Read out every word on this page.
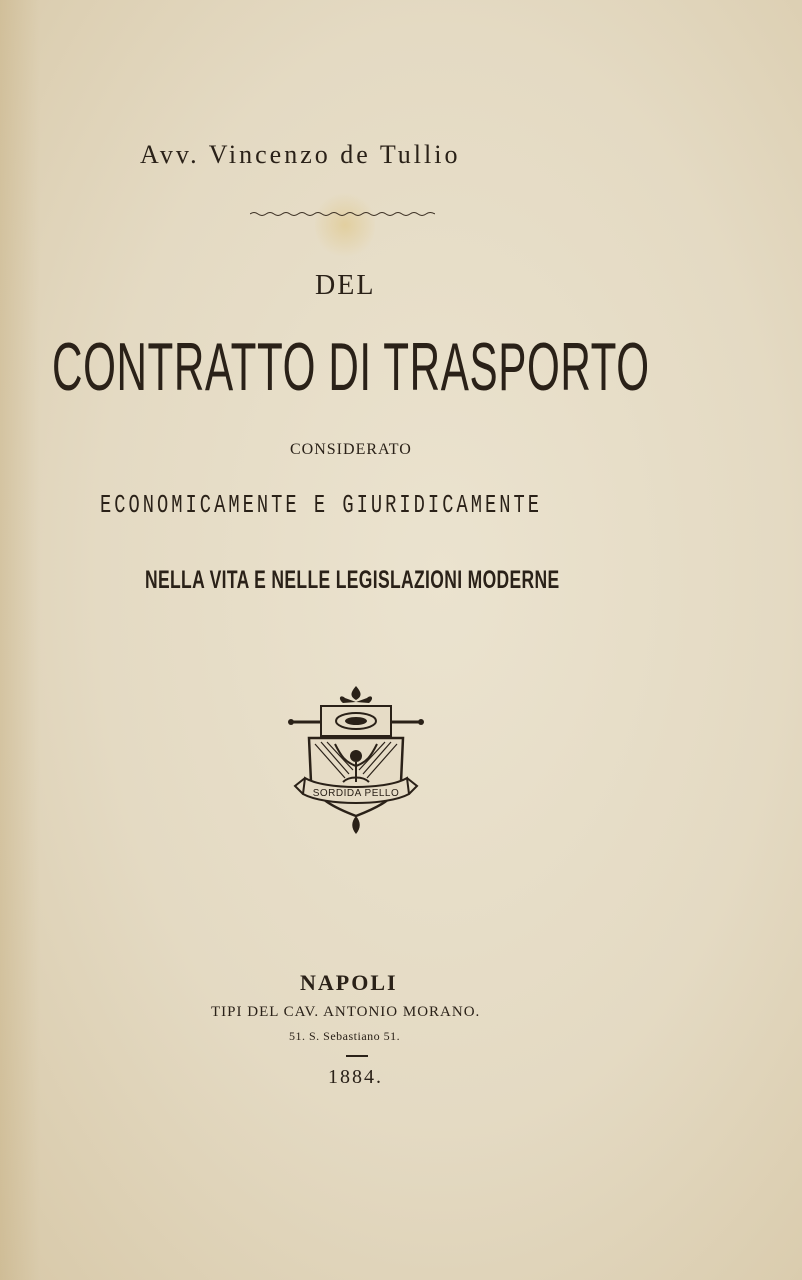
Avv. Vincenzo de Tullio
DEL
CONTRATTO DI TRASPORTO
CONSIDERATO
ECONOMICAMENTE E GIURIDICAMENTE
NELLA VITA E NELLE LEGISLAZIONI MODERNE
SORDIDA PELLO
NAPOLI
TIPI DEL CAV. ANTONIO MORANO.
51. S. Sebastiano 51.
1884.
